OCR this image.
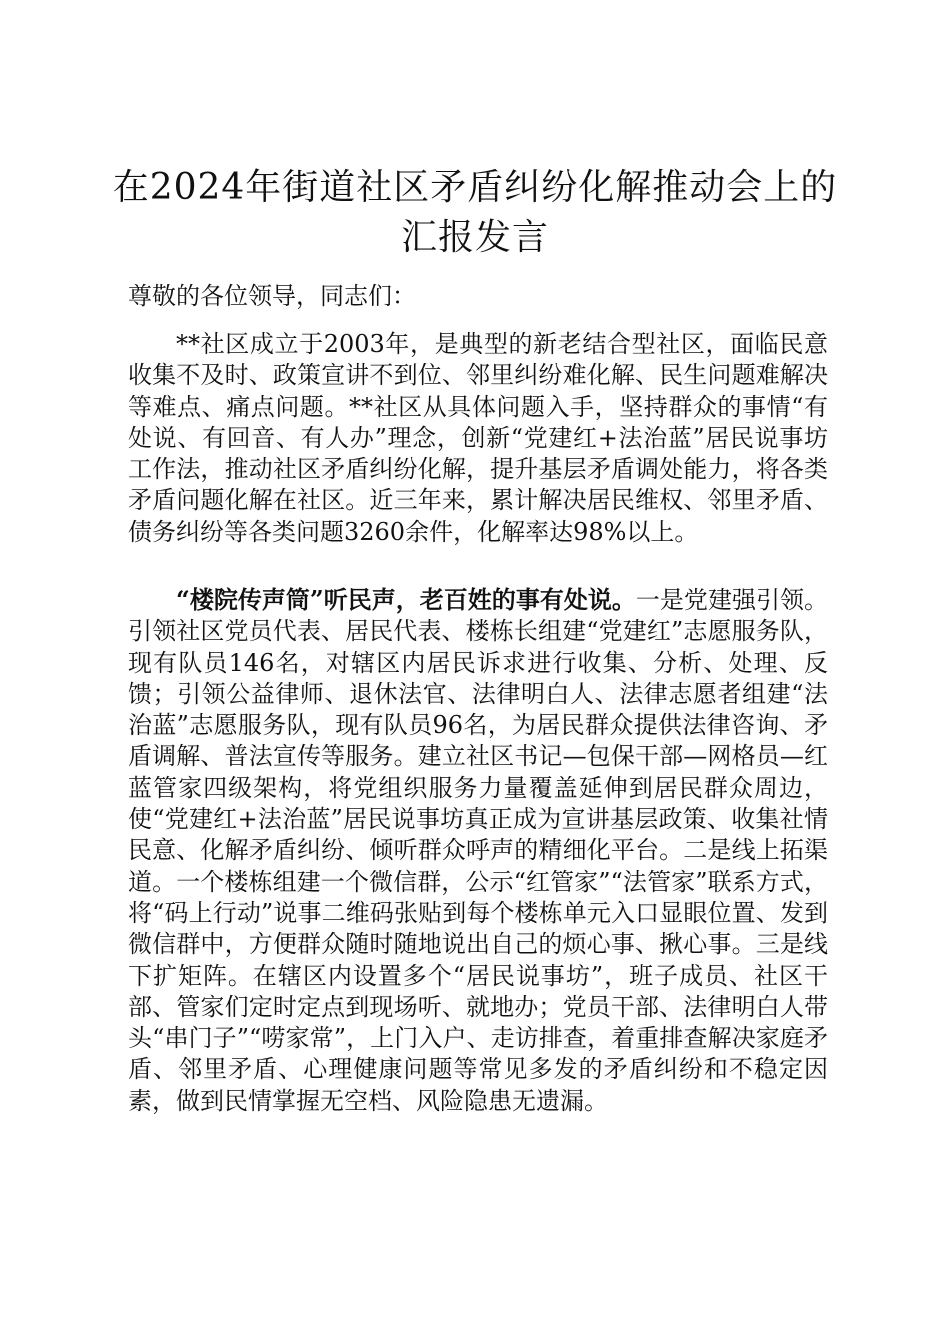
在2024年街道社区矛盾纠纷化解推动会上的
汇报发言
尊敬的各位领导，同志们：

**社区成立于2003年，是典型的新老结合型社区，面临民意收集不及时、政策宣讲不到位、邻里纠纷难化解、民生问题难解决等难点、痛点问题。**社区从具体问题入手，坚持群众的事情“有处说、有回音、有人办”理念，创新“党建红+法治蓝”居民说事坊工作法，推动社区矛盾纠纷化解，提升基层矛盾调处能力，将各类矛盾问题化解在社区。近三年来，累计解决居民维权、邻里矛盾、债务纠纷等各类问题3260余件，化解率达98%以上。

“楼院传声筒”听民声，老百姓的事有处说。一是党建强引领。引领社区党员代表、居民代表、楼栋长组建“党建红”志愿服务队，现有队员146名，对辖区内居民诉求进行收集、分析、处理、反馈；引领公益律师、退休法官、法律明白人、法律志愿者组建“法治蓝”志愿服务队，现有队员96名，为居民群众提供法律咨询、矛盾调解、普法宣传等服务。建立社区书记—包保干部—网格员—红蓝管家四级架构，将党组织服务力量覆盖延伸到居民群众周边，使“党建红+法治蓝”居民说事坊真正成为宣讲基层政策、收集社情民意、化解矛盾纠纷、倾听群众呼声的精细化平台。二是线上拓渠道。一个楼栋组建一个微信群，公示“红管家”“法管家”联系方式，将“码上行动”说事二维码张贴到每个楼栋单元入口显眼位置、发到微信群中，方便群众随时随地说出自己的烦心事、揪心事。三是线下扩矩阵。在辖区内设置多个“居民说事坊”，班子成员、社区干部、管家们定时定点到现场听、就地办；党员干部、法律明白人带头“串门子”“唠家常”，上门入户、走访排查，着重排查解决家庭矛盾、邻里矛盾、心理健康问题等常见多发的矛盾纠纷和不稳定因素，做到民情掌握无空档、风险隐患无遗漏。
